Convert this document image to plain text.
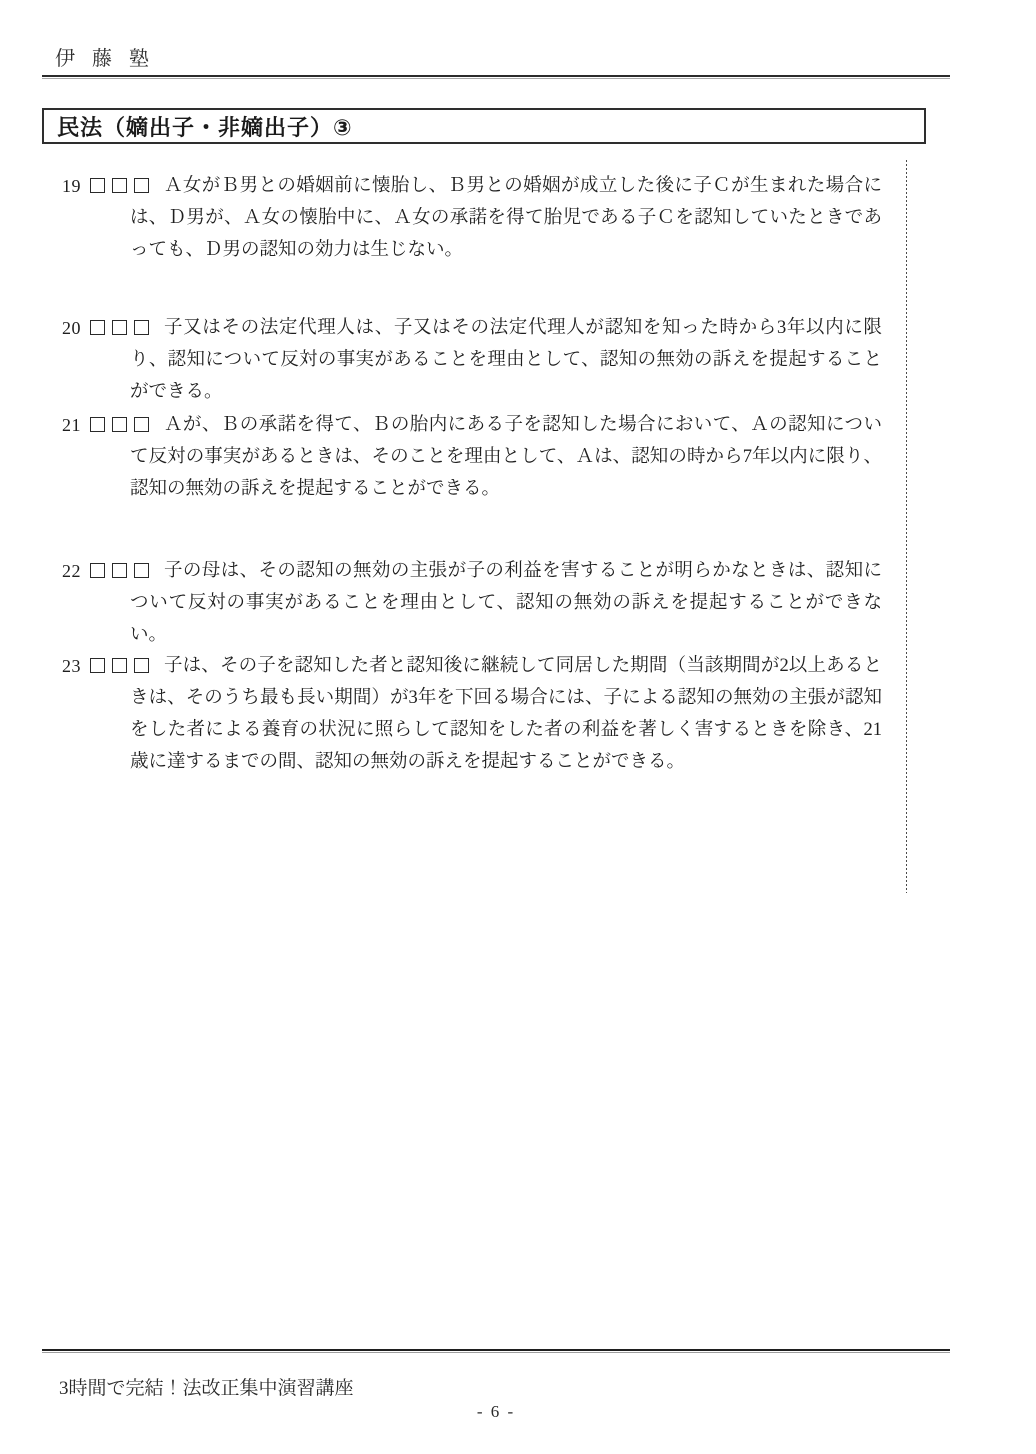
伊 藤 塾
民法（嫡出子・非嫡出子）③
19	Ａ女がＢ男との婚姻前に懐胎し、Ｂ男との婚姻が成立した後に子Ｃが生まれた場合には、Ｄ男が、Ａ女の懐胎中に、Ａ女の承諾を得て胎児である子Ｃを認知していたときであっても、Ｄ男の認知の効力は生じない。

20	子又はその法定代理人は、子又はその法定代理人が認知を知った時から3年以内に限り、認知について反対の事実があることを理由として、認知の無効の訴えを提起することができる。

21	Ａが、Ｂの承諾を得て、Ｂの胎内にある子を認知した場合において、Ａの認知について反対の事実があるときは、そのことを理由として、Ａは、認知の時から7年以内に限り、認知の無効の訴えを提起することができる。

22	子の母は、その認知の無効の主張が子の利益を害することが明らかなときは、認知について反対の事実があることを理由として、認知の無効の訴えを提起することができない。

23	子は、その子を認知した者と認知後に継続して同居した期間（当該期間が2以上あるときは、そのうち最も長い期間）が3年を下回る場合には、子による認知の無効の主張が認知をした者による養育の状況に照らして認知をした者の利益を著しく害するときを除き、21歳に達するまでの間、認知の無効の訴えを提起することができる。

3時間で完結！法改正集中演習講座
- 6 -
